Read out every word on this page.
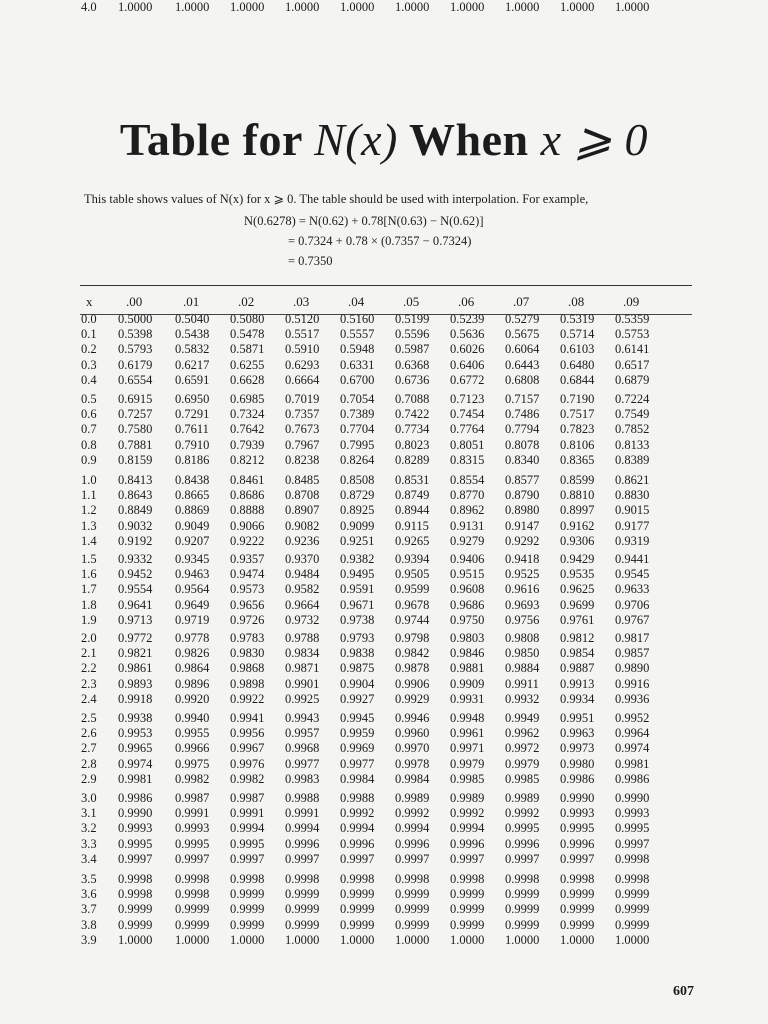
Table for N(x) When x ⩾ 0
This table shows values of N(x) for x ⩾ 0. The table should be used with interpolation. For example,
N(0.6278) = N(0.62) + 0.78[N(0.63) − N(0.62)]
= 0.7324 + 0.78 × (0.7357 − 0.7324)
= 0.7350
x	.00	.01	.02	.03	.04	.05	.06	.07	.08	.09
0.0 0.5000 0.5040 0.5080 0.5120 0.5160 0.5199 0.5239 0.5279 0.5319 0.5359
0.1 0.5398 0.5438 0.5478 0.5517 0.5557 0.5596 0.5636 0.5675 0.5714 0.5753
0.2 0.5793 0.5832 0.5871 0.5910 0.5948 0.5987 0.6026 0.6064 0.6103 0.6141
0.3 0.6179 0.6217 0.6255 0.6293 0.6331 0.6368 0.6406 0.6443 0.6480 0.6517
0.4 0.6554 0.6591 0.6628 0.6664 0.6700 0.6736 0.6772 0.6808 0.6844 0.6879
0.5 0.6915 0.6950 0.6985 0.7019 0.7054 0.7088 0.7123 0.7157 0.7190 0.7224
0.6 0.7257 0.7291 0.7324 0.7357 0.7389 0.7422 0.7454 0.7486 0.7517 0.7549
0.7 0.7580 0.7611 0.7642 0.7673 0.7704 0.7734 0.7764 0.7794 0.7823 0.7852
0.8 0.7881 0.7910 0.7939 0.7967 0.7995 0.8023 0.8051 0.8078 0.8106 0.8133
0.9 0.8159 0.8186 0.8212 0.8238 0.8264 0.8289 0.8315 0.8340 0.8365 0.8389
1.0 0.8413 0.8438 0.8461 0.8485 0.8508 0.8531 0.8554 0.8577 0.8599 0.8621
1.1 0.8643 0.8665 0.8686 0.8708 0.8729 0.8749 0.8770 0.8790 0.8810 0.8830
1.2 0.8849 0.8869 0.8888 0.8907 0.8925 0.8944 0.8962 0.8980 0.8997 0.9015
1.3 0.9032 0.9049 0.9066 0.9082 0.9099 0.9115 0.9131 0.9147 0.9162 0.9177
1.4 0.9192 0.9207 0.9222 0.9236 0.9251 0.9265 0.9279 0.9292 0.9306 0.9319
1.5 0.9332 0.9345 0.9357 0.9370 0.9382 0.9394 0.9406 0.9418 0.9429 0.9441
1.6 0.9452 0.9463 0.9474 0.9484 0.9495 0.9505 0.9515 0.9525 0.9535 0.9545
1.7 0.9554 0.9564 0.9573 0.9582 0.9591 0.9599 0.9608 0.9616 0.9625 0.9633
1.8 0.9641 0.9649 0.9656 0.9664 0.9671 0.9678 0.9686 0.9693 0.9699 0.9706
1.9 0.9713 0.9719 0.9726 0.9732 0.9738 0.9744 0.9750 0.9756 0.9761 0.9767
2.0 0.9772 0.9778 0.9783 0.9788 0.9793 0.9798 0.9803 0.9808 0.9812 0.9817
2.1 0.9821 0.9826 0.9830 0.9834 0.9838 0.9842 0.9846 0.9850 0.9854 0.9857
2.2 0.9861 0.9864 0.9868 0.9871 0.9875 0.9878 0.9881 0.9884 0.9887 0.9890
2.3 0.9893 0.9896 0.9898 0.9901 0.9904 0.9906 0.9909 0.9911 0.9913 0.9916
2.4 0.9918 0.9920 0.9922 0.9925 0.9927 0.9929 0.9931 0.9932 0.9934 0.9936
2.5 0.9938 0.9940 0.9941 0.9943 0.9945 0.9946 0.9948 0.9949 0.9951 0.9952
2.6 0.9953 0.9955 0.9956 0.9957 0.9959 0.9960 0.9961 0.9962 0.9963 0.9964
2.7 0.9965 0.9966 0.9967 0.9968 0.9969 0.9970 0.9971 0.9972 0.9973 0.9974
2.8 0.9974 0.9975 0.9976 0.9977 0.9977 0.9978 0.9979 0.9979 0.9980 0.9981
2.9 0.9981 0.9982 0.9982 0.9983 0.9984 0.9984 0.9985 0.9985 0.9986 0.9986
3.0 0.9986 0.9987 0.9987 0.9988 0.9988 0.9989 0.9989 0.9989 0.9990 0.9990
3.1 0.9990 0.9991 0.9991 0.9991 0.9992 0.9992 0.9992 0.9992 0.9993 0.9993
3.2 0.9993 0.9993 0.9994 0.9994 0.9994 0.9994 0.9994 0.9995 0.9995 0.9995
3.3 0.9995 0.9995 0.9995 0.9996 0.9996 0.9996 0.9996 0.9996 0.9996 0.9997
3.4 0.9997 0.9997 0.9997 0.9997 0.9997 0.9997 0.9997 0.9997 0.9997 0.9998
3.5 0.9998 0.9998 0.9998 0.9998 0.9998 0.9998 0.9998 0.9998 0.9998 0.9998
3.6 0.9998 0.9998 0.9999 0.9999 0.9999 0.9999 0.9999 0.9999 0.9999 0.9999
3.7 0.9999 0.9999 0.9999 0.9999 0.9999 0.9999 0.9999 0.9999 0.9999 0.9999
3.8 0.9999 0.9999 0.9999 0.9999 0.9999 0.9999 0.9999 0.9999 0.9999 0.9999
3.9 1.0000 1.0000 1.0000 1.0000 1.0000 1.0000 1.0000 1.0000 1.0000 1.0000
4.0 1.0000 1.0000 1.0000 1.0000 1.0000 1.0000 1.0000 1.0000 1.0000 1.0000
607
